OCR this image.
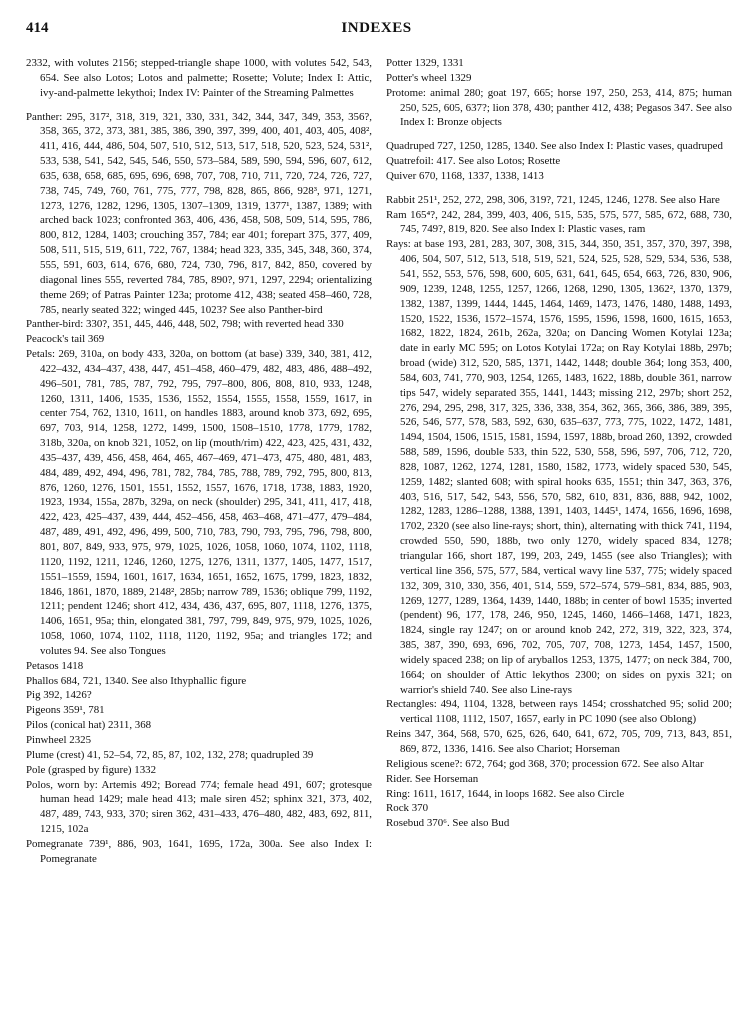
414	INDEXES

2332, with volutes 2156; stepped-triangle shape 1000, with volutes 542, 543, 654. See also Lotos; Lotos and palmette; Rosette; Volute; Index I: Attic, ivy-and-palmette lekythoi; Index IV: Painter of the Streaming Palmettes

Panther: 295, 317², 318, 319, 321, 330, 331, 342, 344, 347, 349, 353, 356?, 358, 365, 372, 373, 381, 385, 386, 390, 397, 399, 400, 401, 403, 405, 408², 411, 416, 444, 486, 504, 507, 510, 512, 513, 517, 518, 520, 523, 524, 531², 533, 538, 541, 542, 545, 546, 550, 573–584, 589, 590, 594, 596, 607, 612, 635, 638, 658, 685, 695, 696, 698, 707, 708, 710, 711, 720, 724, 726, 727, 738, 745, 749, 760, 761, 775, 777, 798, 828, 865, 866, 928³, 971, 1271, 1273, 1276, 1282, 1296, 1305, 1307–1309, 1319, 1377¹, 1387, 1389; with arched back 1023; confronted 363, 406, 436, 458, 508, 509, 514, 595, 786, 800, 812, 1284, 1403; crouching 357, 784; ear 401; forepart 375, 377, 409, 508, 511, 515, 519, 611, 722, 767, 1384; head 323, 335, 345, 348, 360, 374, 555, 591, 603, 614, 676, 680, 724, 730, 796, 817, 842, 850, covered by diagonal lines 555, reverted 784, 785, 890?, 971, 1297, 2294; orientalizing theme 269; of Patras Painter 123a; protome 412, 438; seated 458–460, 728, 785, nearly seated 322; winged 445, 1023? See also Panther-bird

Panther-bird: 330?, 351, 445, 446, 448, 502, 798; with reverted head 330

Peacock's tail 369

Petals: 269, 310a, on body 433, 320a, on bottom (at base) 339, 340, 381, 412, 422–432, 434–437, 438, 447, 451–458, 460–479, 482, 483, 486, 488–492, 496–501, 781, 785, 787, 792, 795, 797–800, 806, 808, 810, 933, 1248, 1260, 1311, 1406, 1535, 1536, 1552, 1554, 1555, 1558, 1559, 1617, in center 754, 762, 1310, 1611, on handles 1883, around knob 373, 692, 695, 697, 703, 914, 1258, 1272, 1499, 1500, 1508–1510, 1778, 1779, 1782, 318b, 320a, on knob 321, 1052, on lip (mouth/rim) 422, 423, 425, 431, 432, 435–437, 439, 456, 458, 464, 465, 467–469, 471–473, 475, 480, 481, 483, 484, 489, 492, 494, 496, 781, 782, 784, 785, 788, 789, 792, 795, 800, 813, 876, 1260, 1276, 1501, 1551, 1552, 1557, 1676, 1718, 1738, 1883, 1920, 1923, 1934, 155a, 287b, 329a, on neck (shoulder) 295, 341, 411, 417, 418, 422, 423, 425–437, 439, 444, 452–456, 458, 463–468, 471–477, 479–484, 487, 489, 491, 492, 496, 499, 500, 710, 783, 790, 793, 795, 796, 798, 800, 801, 807, 849, 933, 975, 979, 1025, 1026, 1058, 1060, 1074, 1102, 1118, 1120, 1192, 1211, 1246, 1260, 1275, 1276, 1311, 1377, 1405, 1477, 1517, 1551–1559, 1594, 1601, 1617, 1634, 1651, 1652, 1675, 1799, 1823, 1832, 1846, 1861, 1870, 1889, 2148², 285b; narrow 789, 1536; oblique 799, 1192, 1211; pendent 1246; short 412, 434, 436, 437, 695, 807, 1118, 1276, 1375, 1406, 1651, 95a; thin, elongated 381, 797, 799, 849, 975, 979, 1025, 1026, 1058, 1060, 1074, 1102, 1118, 1120, 1192, 95a; and triangles 172; and volutes 94. See also Tongues

Petasos 1418

Phallos 684, 721, 1340. See also Ithyphallic figure

Pig 392, 1426?

Pigeons 359¹, 781

Pilos (conical hat) 2311, 368

Pinwheel 2325

Plume (crest) 41, 52–54, 72, 85, 87, 102, 132, 278; quadrupled 39

Pole (grasped by figure) 1332

Polos, worn by: Artemis 492; Boread 774; female head 491, 607; grotesque human head 1429; male head 413; male siren 452; sphinx 321, 373, 402, 487, 489, 743, 933, 370; siren 362, 431–433, 476–480, 482, 483, 692, 811, 1215, 102a

Pomegranate 739¹, 886, 903, 1641, 1695, 172a, 300a. See also Index I: Pomegranate

Potter 1329, 1331

Potter's wheel 1329

Protome: animal 280; goat 197, 665; horse 197, 250, 253, 414, 875; human 250, 525, 605, 637?; lion 378, 430; panther 412, 438; Pegasos 347. See also Index I: Bronze objects

Quadruped 727, 1250, 1285, 1340. See also Index I: Plastic vases, quadruped

Quatrefoil: 417. See also Lotos; Rosette

Quiver 670, 1168, 1337, 1338, 1413

Rabbit 251¹, 252, 272, 298, 306, 319?, 721, 1245, 1246, 1278. See also Hare

Ram 165⁴?, 242, 284, 399, 403, 406, 515, 535, 575, 577, 585, 672, 688, 730, 745, 749?, 819, 820. See also Index I: Plastic vases, ram

Rays: at base 193, 281, 283, 307, 308, 315, 344, 350, 351, 357, 370, 397, 398, 406, 504, 507, 512, 513, 518, 519, 521, 524, 525, 528, 529, 534, 536, 538, 541, 552, 553, 576, 598, 600, 605, 631, 641, 645, 654, 663, 726, 830, 906, 909, 1239, 1248, 1255, 1257, 1266, 1268, 1290, 1305, 1362², 1370, 1379, 1382, 1387, 1399, 1444, 1445, 1464, 1469, 1473, 1476, 1480, 1488, 1493, 1520, 1522, 1536, 1572–1574, 1576, 1595, 1596, 1598, 1600, 1615, 1653, 1682, 1822, 1824, 261b, 262a, 320a; on Dancing Women Kotylai 123a; date in early MC 595; on Lotos Kotylai 172a; on Ray Kotylai 188b, 297b; broad (wide) 312, 520, 585, 1371, 1442, 1448; double 364; long 353, 400, 584, 603, 741, 770, 903, 1254, 1265, 1483, 1622, 188b, double 361, narrow tips 547, widely separated 355, 1441, 1443; missing 212, 297b; short 252, 276, 294, 295, 298, 317, 325, 336, 338, 354, 362, 365, 366, 386, 389, 395, 526, 546, 577, 578, 583, 592, 630, 635–637, 773, 775, 1022, 1472, 1481, 1494, 1504, 1506, 1515, 1581, 1594, 1597, 188b, broad 260, 1392, crowded 588, 589, 1596, double 533, thin 522, 530, 558, 596, 597, 706, 712, 720, 828, 1087, 1262, 1274, 1281, 1580, 1582, 1773, widely spaced 530, 545, 1259, 1482; slanted 608; with spiral hooks 635, 1551; thin 347, 363, 376, 403, 516, 517, 542, 543, 556, 570, 582, 610, 831, 836, 888, 942, 1002, 1282, 1283, 1286–1288, 1388, 1391, 1403, 1445¹, 1474, 1656, 1696, 1698, 1702, 2320 (see also line-rays; short, thin), alternating with thick 741, 1194, crowded 550, 590, 188b, two only 1270, widely spaced 834, 1278; triangular 166, short 187, 199, 203, 249, 1455 (see also Triangles); with vertical line 356, 575, 577, 584, vertical wavy line 537, 775; widely spaced 132, 309, 310, 330, 356, 401, 514, 559, 572–574, 579–581, 834, 885, 903, 1269, 1277, 1289, 1364, 1439, 1440, 188b; in center of bowl 1535; inverted (pendent) 96, 177, 178, 246, 950, 1245, 1460, 1466–1468, 1471, 1823, 1824, single ray 1247; on or around knob 242, 272, 319, 322, 323, 374, 385, 387, 390, 693, 696, 702, 705, 707, 708, 1273, 1454, 1457, 1500, widely spaced 238; on lip of aryballos 1253, 1375, 1477; on neck 384, 700, 1664; on shoulder of Attic lekythos 2300; on sides on pyxis 321; on warrior's shield 740. See also Line-rays

Rectangles: 494, 1104, 1328, between rays 1454; crosshatched 95; solid 200; vertical 1108, 1112, 1507, 1657, early in PC 1090 (see also Oblong)

Reins 347, 364, 568, 570, 625, 626, 640, 641, 672, 705, 709, 713, 843, 851, 869, 872, 1336, 1416. See also Chariot; Horseman

Religious scene?: 672, 764; god 368, 370; procession 672. See also Altar

Rider. See Horseman

Ring: 1611, 1617, 1644, in loops 1682. See also Circle

Rock 370

Rosebud 370⁶. See also Bud
